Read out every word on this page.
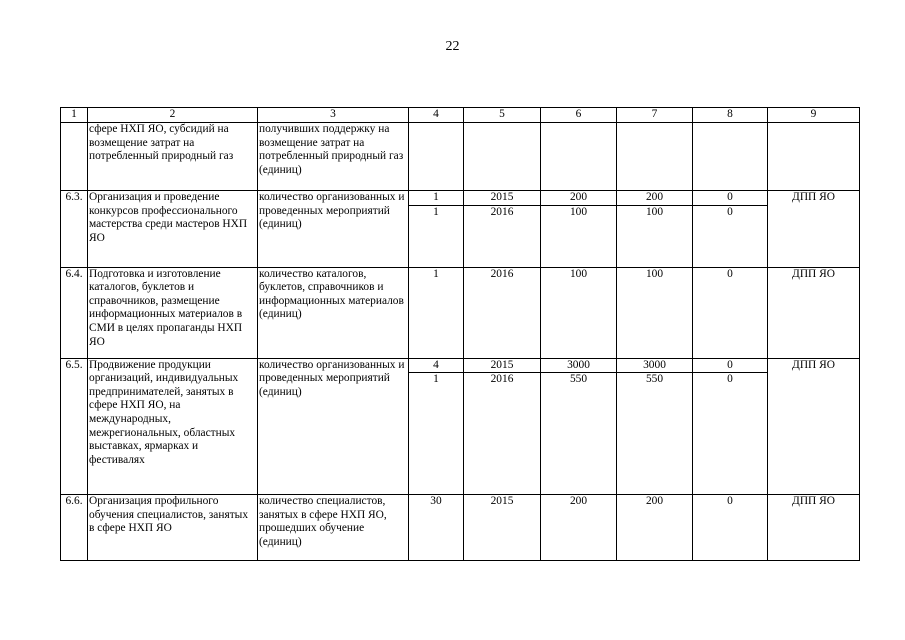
22
1	2	3	4	5	6	7	8	9
	сфере НХП ЯО, субсидий на возмещение затрат на потребленный природный газ	получивших поддержку на возмещение затрат на потребленный природный газ (единиц)						
6.3.	Организация и проведение конкурсов профессионального мастерства среди мастеров НХП ЯО	количество организованных и проведенных мероприятий (единиц)	1	2015	200	200	0	ДПП ЯО
			1	2016	100	100	0	
6.4.	Подготовка и изготовление каталогов, буклетов и справочников, размещение информационных материалов в СМИ в целях пропаганды НХП ЯО	количество каталогов, буклетов, справочников и информационных материалов (единиц)	1	2016	100	100	0	ДПП ЯО
6.5.	Продвижение продукции организаций, индивидуальных предпринимателей, занятых в сфере НХП ЯО, на международных, межрегиональных, областных выставках, ярмарках и фестивалях	количество организованных и проведенных мероприятий (единиц)	4	2015	3000	3000	0	ДПП ЯО
			1	2016	550	550	0	
6.6.	Организация профильного обучения специалистов, занятых в сфере НХП ЯО	количество специалистов, занятых в сфере НХП ЯО, прошедших обучение (единиц)	30	2015	200	200	0	ДПП ЯО
